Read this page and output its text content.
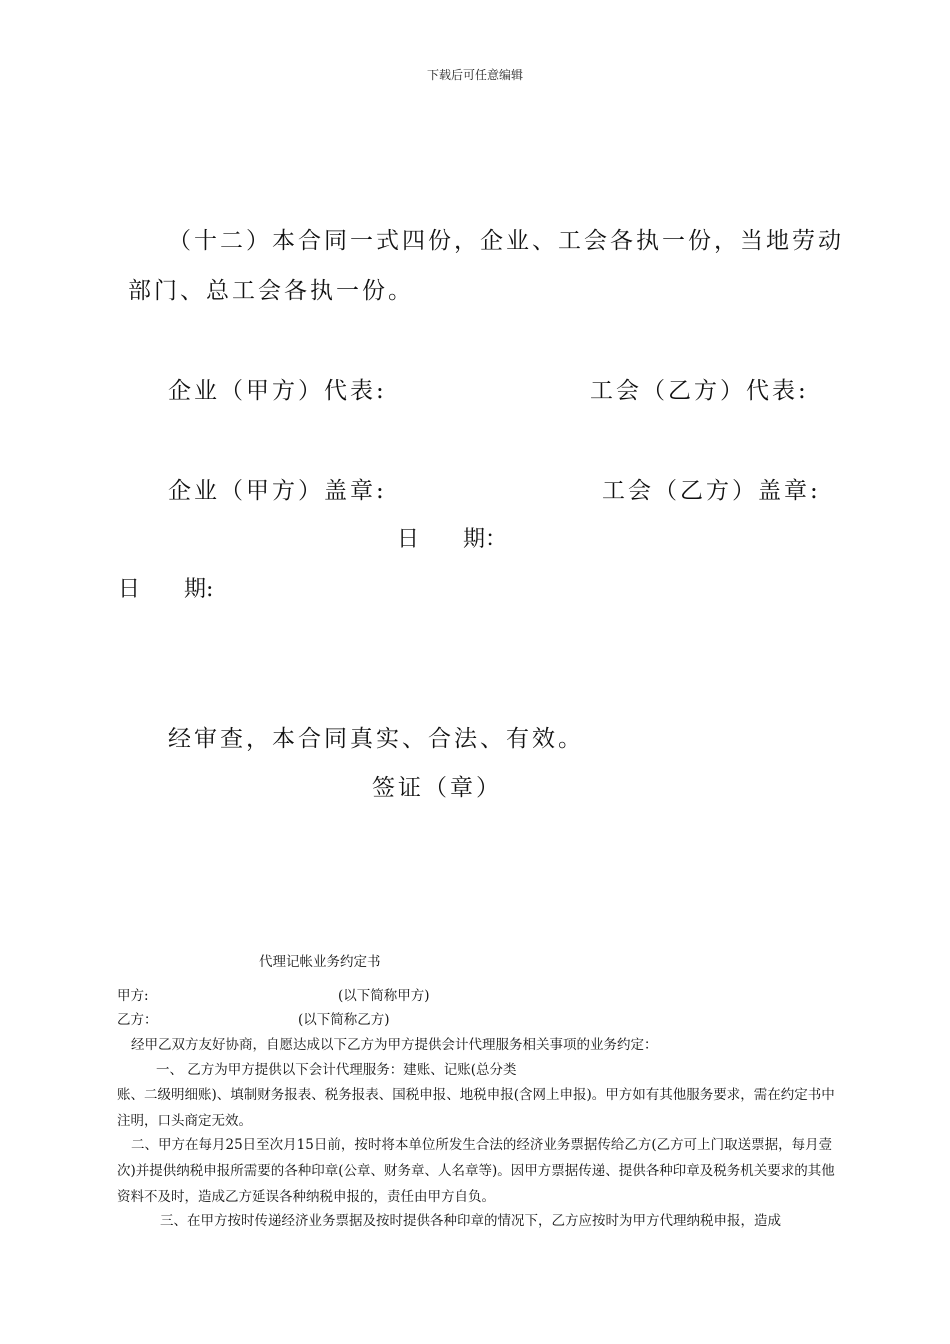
下载后可任意编辑
（十二）本合同一式四份，企业、工会各执一份，当地劳动
部门、总工会各执一份。
企业（甲方）代表:	工会（乙方）代表:
企业（甲方）盖章:	工会（乙方）盖章:
日　　期：
日　　期:
经审查，本合同真实、合法、有效。
签证（章）
代理记帐业务约定书
甲方:	(以下简称甲方)
乙方：	(以下简称乙方)
经甲乙双方友好协商，自愿达成以下乙方为甲方提供会计代理服务相关事项的业务约定：
一、 乙方为甲方提供以下会计代理服务：建账、记账(总分类
账、二级明细账)、填制财务报表、税务报表、国税申报、地税申报(含网上申报)。甲方如有其他服务要求，需在约定书中注明，口头商定无效。
二、甲方在每月25日至次月15日前，按时将本单位所发生合法的经济业务票据传给乙方(乙方可上门取送票据，每月壹次)并提供纳税申报所需要的各种印章(公章、财务章、人名章等)。因甲方票据传递、提供各种印章及税务机关要求的其他资料不及时，造成乙方延误各种纳税申报的，责任由甲方自负。
三、在甲方按时传递经济业务票据及按时提供各种印章的情况下，乙方应按时为甲方代理纳税申报，造成
